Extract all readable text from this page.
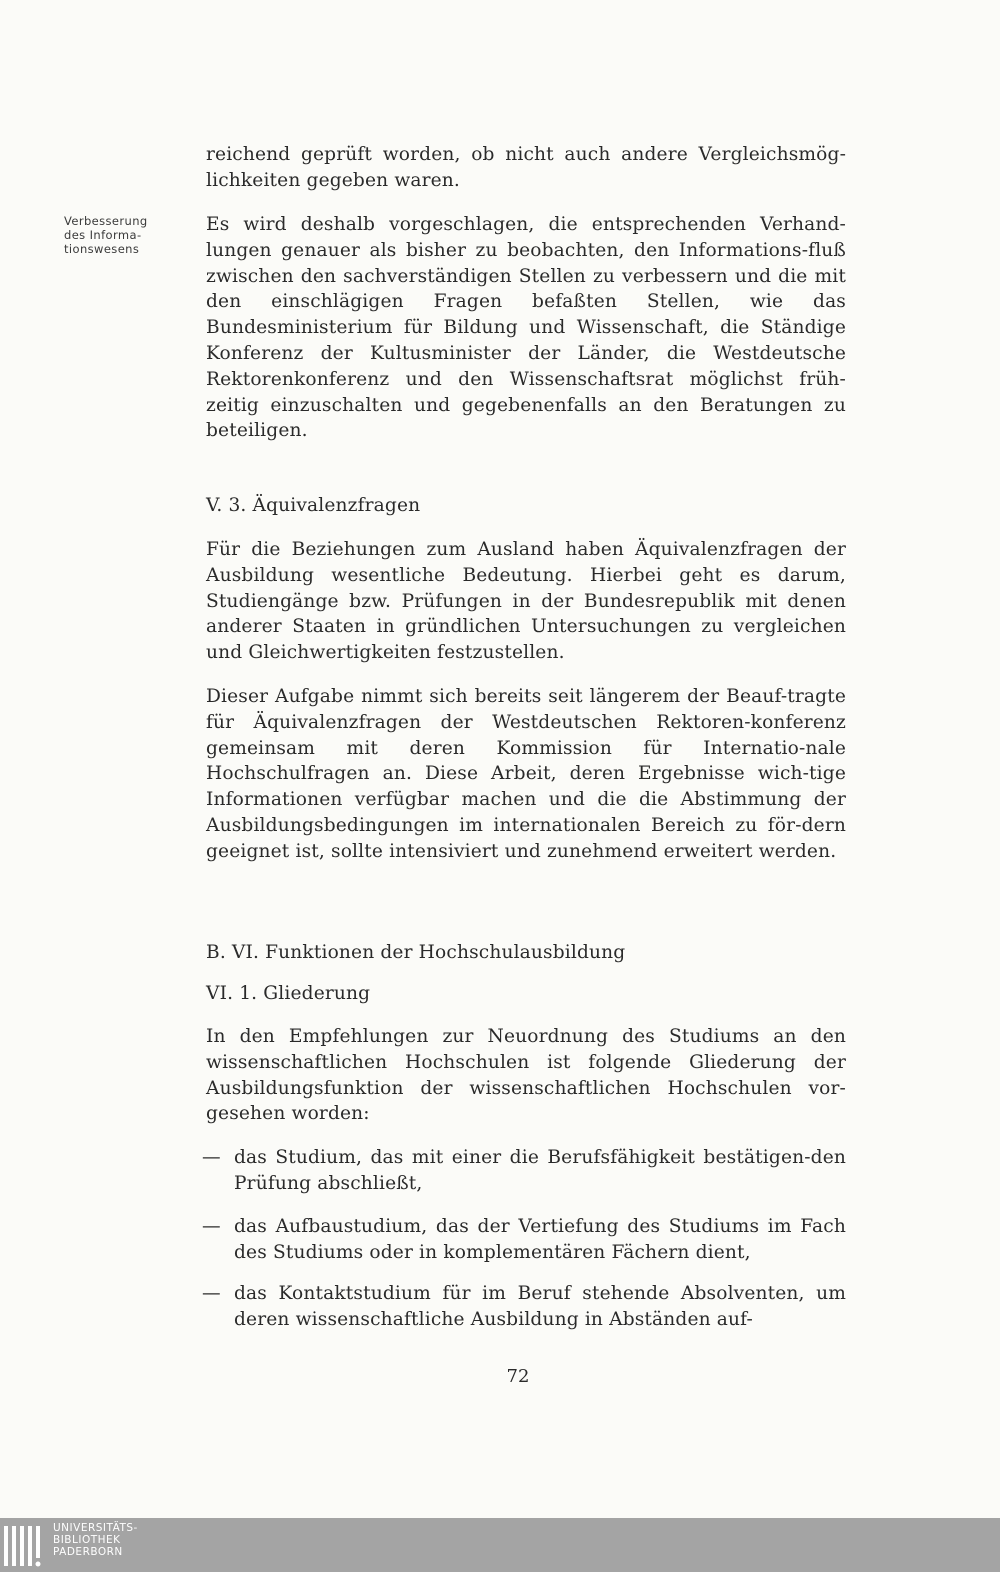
Verbesserung
des Informa-
tionswesens
reichend geprüft worden, ob nicht auch andere Vergleichsmög-lichkeiten gegeben waren.
Es wird deshalb vorgeschlagen, die entsprechenden Verhand-lungen genauer als bisher zu beobachten, den Informations-fluß zwischen den sachverständigen Stellen zu verbessern und die mit den einschlägigen Fragen befaßten Stellen, wie das Bundesministerium für Bildung und Wissenschaft, die Ständige Konferenz der Kultusminister der Länder, die Westdeutsche Rektorenkonferenz und den Wissenschaftsrat möglichst früh-zeitig einzuschalten und gegebenenfalls an den Beratungen zu beteiligen.
V. 3. Äquivalenzfragen
Für die Beziehungen zum Ausland haben Äquivalenzfragen der Ausbildung wesentliche Bedeutung. Hierbei geht es darum, Studiengänge bzw. Prüfungen in der Bundesrepublik mit denen anderer Staaten in gründlichen Untersuchungen zu vergleichen und Gleichwertigkeiten festzustellen.
Dieser Aufgabe nimmt sich bereits seit längerem der Beauf-tragte für Äquivalenzfragen der Westdeutschen Rektoren-konferenz gemeinsam mit deren Kommission für Internatio-nale Hochschulfragen an. Diese Arbeit, deren Ergebnisse wich-tige Informationen verfügbar machen und die die Abstimmung der Ausbildungsbedingungen im internationalen Bereich zu för-dern geeignet ist, sollte intensiviert und zunehmend erweitert werden.
B. VI. Funktionen der Hochschulausbildung
VI. 1. Gliederung
In den Empfehlungen zur Neuordnung des Studiums an den wissenschaftlichen Hochschulen ist folgende Gliederung der Ausbildungsfunktion der wissenschaftlichen Hochschulen vor-gesehen worden:
— das Studium, das mit einer die Berufsfähigkeit bestätigen-den Prüfung abschließt,
— das Aufbaustudium, das der Vertiefung des Studiums im Fach des Studiums oder in komplementären Fächern dient,
— das Kontaktstudium für im Beruf stehende Absolventen, um deren wissenschaftliche Ausbildung in Abständen auf-
72
UNIVERSITÄTS-
BIBLIOTHEK
PADERBORN
